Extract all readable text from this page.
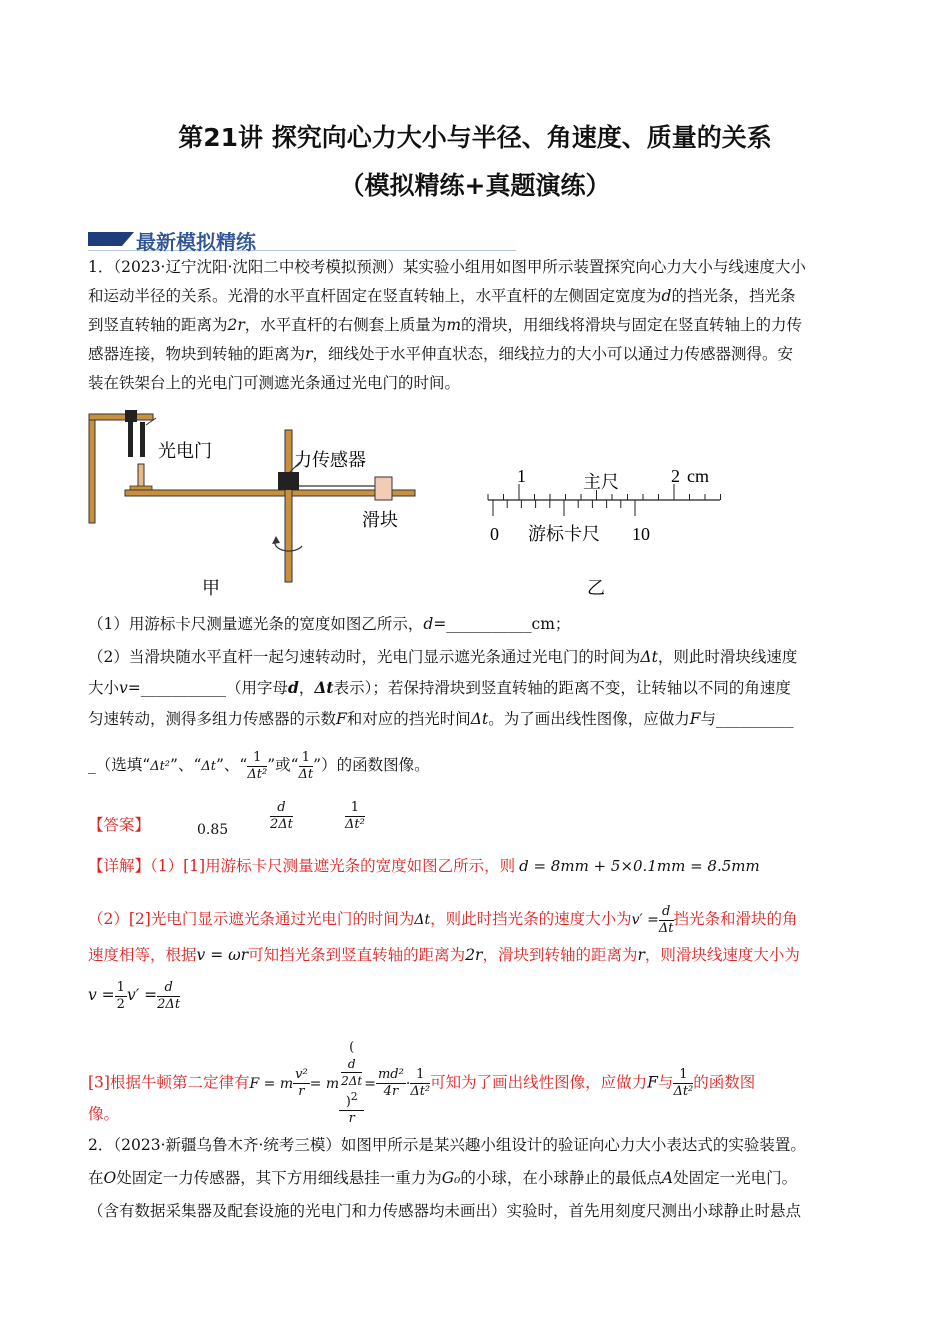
第21讲 探究向心力大小与半径、角速度、质量的关系
（模拟精练+真题演练）
最新模拟精练
1．（2023·辽宁沈阳·沈阳二中校考模拟预测）某实验小组用如图甲所示装置探究向心力大小与线速度大小
和运动半径的关系。光滑的水平直杆固定在竖直转轴上，水平直杆的左侧固定宽度为d的挡光条，挡光条
到竖直转轴的距离为2r，水平直杆的右侧套上质量为m的滑块，用细线将滑块与固定在竖直转轴上的力传
感器连接，物块到转轴的距离为r，细线处于水平伸直状态，细线拉力的大小可以通过力传感器测得。安
装在铁架台上的光电门可测遮光条通过光电门的时间。
光电门	力传感器
滑块
甲
1	2 cm
主尺
0 游标卡尺 10
乙
（1）用游标卡尺测量遮光条的宽度如图乙所示，d=___________cm；
（2）当滑块随水平直杆一起匀速转动时，光电门显示遮光条通过光电门的时间为Δt，则此时滑块线速度
大小v=___________（用字母d，Δt表示）；若保持滑块到竖直转轴的距离不变，让转轴以不同的角速度
匀速转动，测得多组力传感器的示数F和对应的挡光时间Δt。为了画出线性图像，应做力F与__________
_（选填“Δt²”、“Δt”、“ $\frac{1}{\text{Δt²}}$ ”或“ $\frac{1}{\Delta t}$ ”）的函数图像。
【答案】	0.85	$\frac{d}{2\Delta t}$	$\frac{1}{\text{Δt²}}$
【详解】（1）[1]用游标卡尺测量遮光条的宽度如图乙所示，则 d = 8mm + 5×0.1mm = 8.5mm
（2）[2]光电门显示遮光条通过光电门的时间为Δt，则此时挡光条的速度大小为$v' = \frac{d}{\Delta t}$ 挡光条和滑块的角
速度相等，根据v = ωr可知挡光条到竖直转轴的距离为2r，滑块到转轴的距离为r，则滑块线速度大小为
$v = \frac{1}{2} v' = \frac{d}{2\Delta t}$
[3]根据牛顿第二定律有F = m $\frac{\text{v²}}{r} = m$ (
d
2Δt
)$^2$
$r = \frac{\text{md²}}{4r} \cdot \frac{1}{\text{Δt²}}$ 可知为了画出线性图像，应做力F与 $\frac{1}{\text{Δt²}}$ 的函数图
像。
2．（2023·新疆乌鲁木齐·统考三模）如图甲所示是某兴趣小组设计的验证向心力大小表达式的实验装置。
在O处固定一力传感器，其下方用细线悬挂一重力为G₀的小球，在小球静止的最低点A处固定一光电门。
（含有数据采集器及配套设施的光电门和力传感器均未画出）实验时，首先用刻度尺测出小球静止时悬点
